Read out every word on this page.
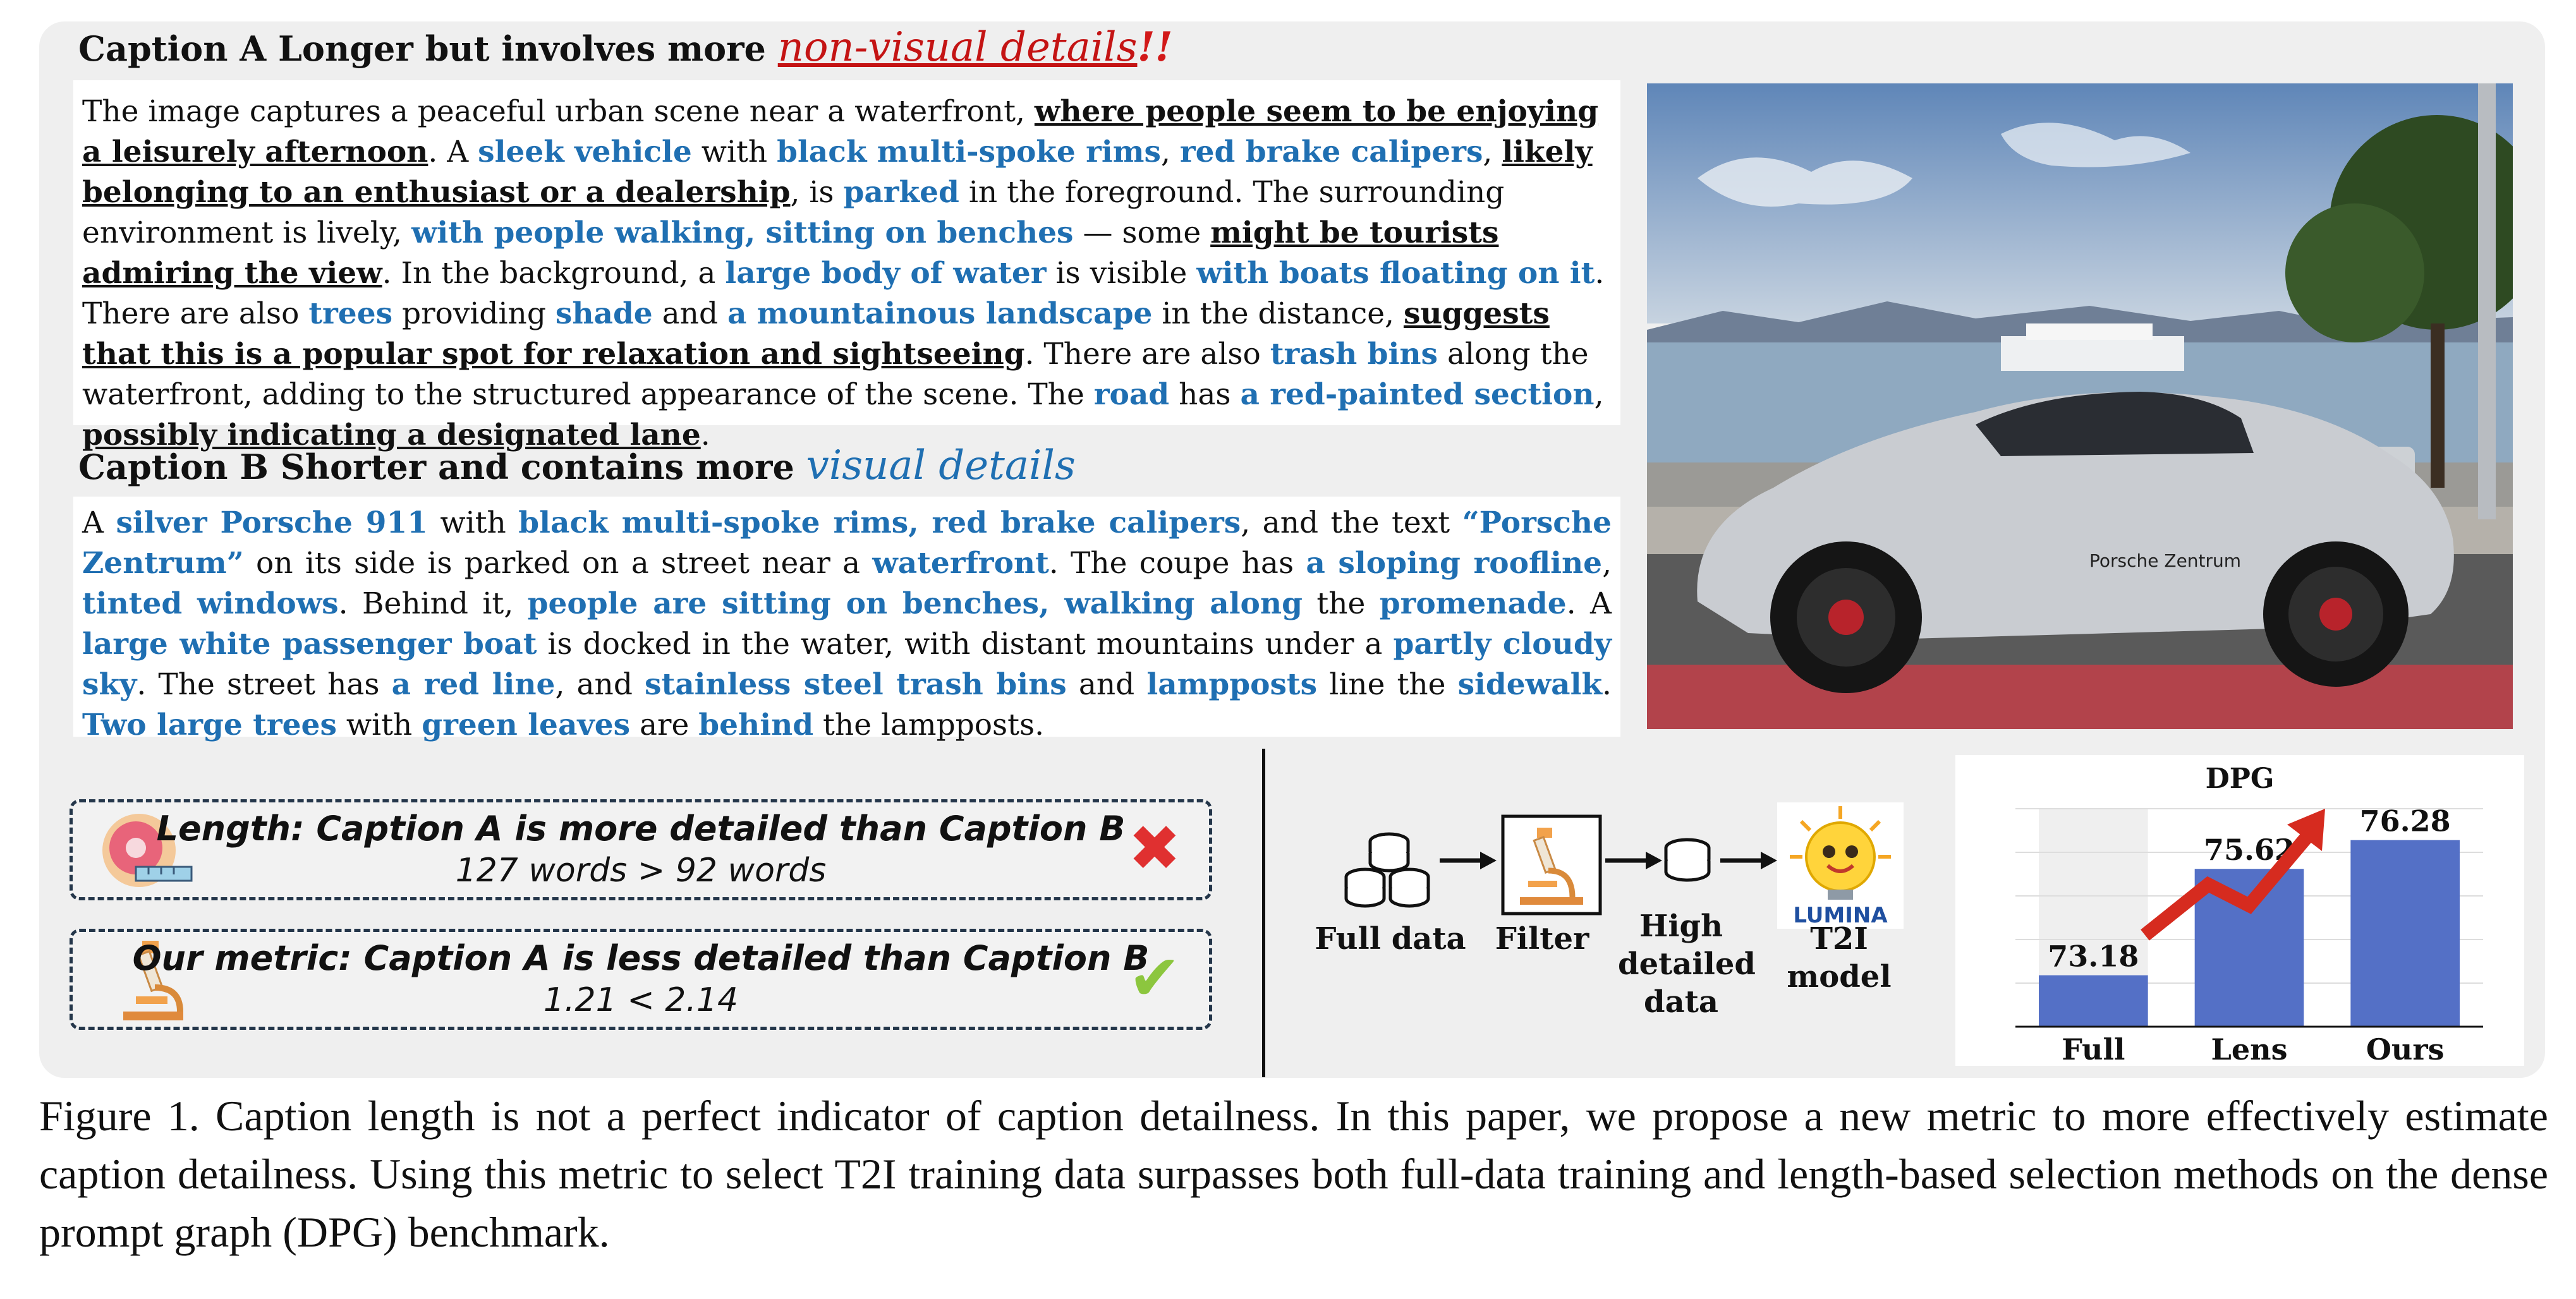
Caption A Longer but involves more non-visual details!!

The image captures a peaceful urban scene near a waterfront, where people seem to be enjoying a leisurely afternoon. A sleek vehicle with black multi-spoke rims, red brake calipers, likely belonging to an enthusiast or a dealership, is parked in the foreground. The surrounding environment is lively, with people walking, sitting on benches — some might be tourists admiring the view. In the background, a large body of water is visible with boats floating on it. There are also trees providing shade and a mountainous landscape in the distance, suggests that this is a popular spot for relaxation and sightseeing. There are also trash bins along the waterfront, adding to the structured appearance of the scene. The road has a red-painted section, possibly indicating a designated lane.

Caption B Shorter and contains more visual details

A silver Porsche 911 with black multi-spoke rims, red brake calipers, and the text “Porsche Zentrum” on its side is parked on a street near a waterfront. The coupe has a sloping roofline, tinted windows. Behind it, people are sitting on benches, walking along the promenade. A large white passenger boat is docked in the water, with distant mountains under a partly cloudy sky. The street has a red line, and stainless steel trash bins and lampposts line the sidewalk. Two large trees with green leaves are behind the lampposts.

Porsche Zentrum
Length: Caption A is more detailed than Caption B
127 words > 92 words	✖
Our metric: Caption A is less detailed than Caption B
1.21 < 2.14	✔
LUMINA
Full data Filter	High
detailed
data
T2I
model
DPG
73.18
Full
75.62
Lens
76.28
Ours
Figure 1. Caption length is not a perfect indicator of caption detailness. In this paper, we propose a new metric to more effectively estimate caption detailness. Using this metric to select T2I training data surpasses both full-data training and length-based selection methods on the dense prompt graph (DPG) benchmark.
